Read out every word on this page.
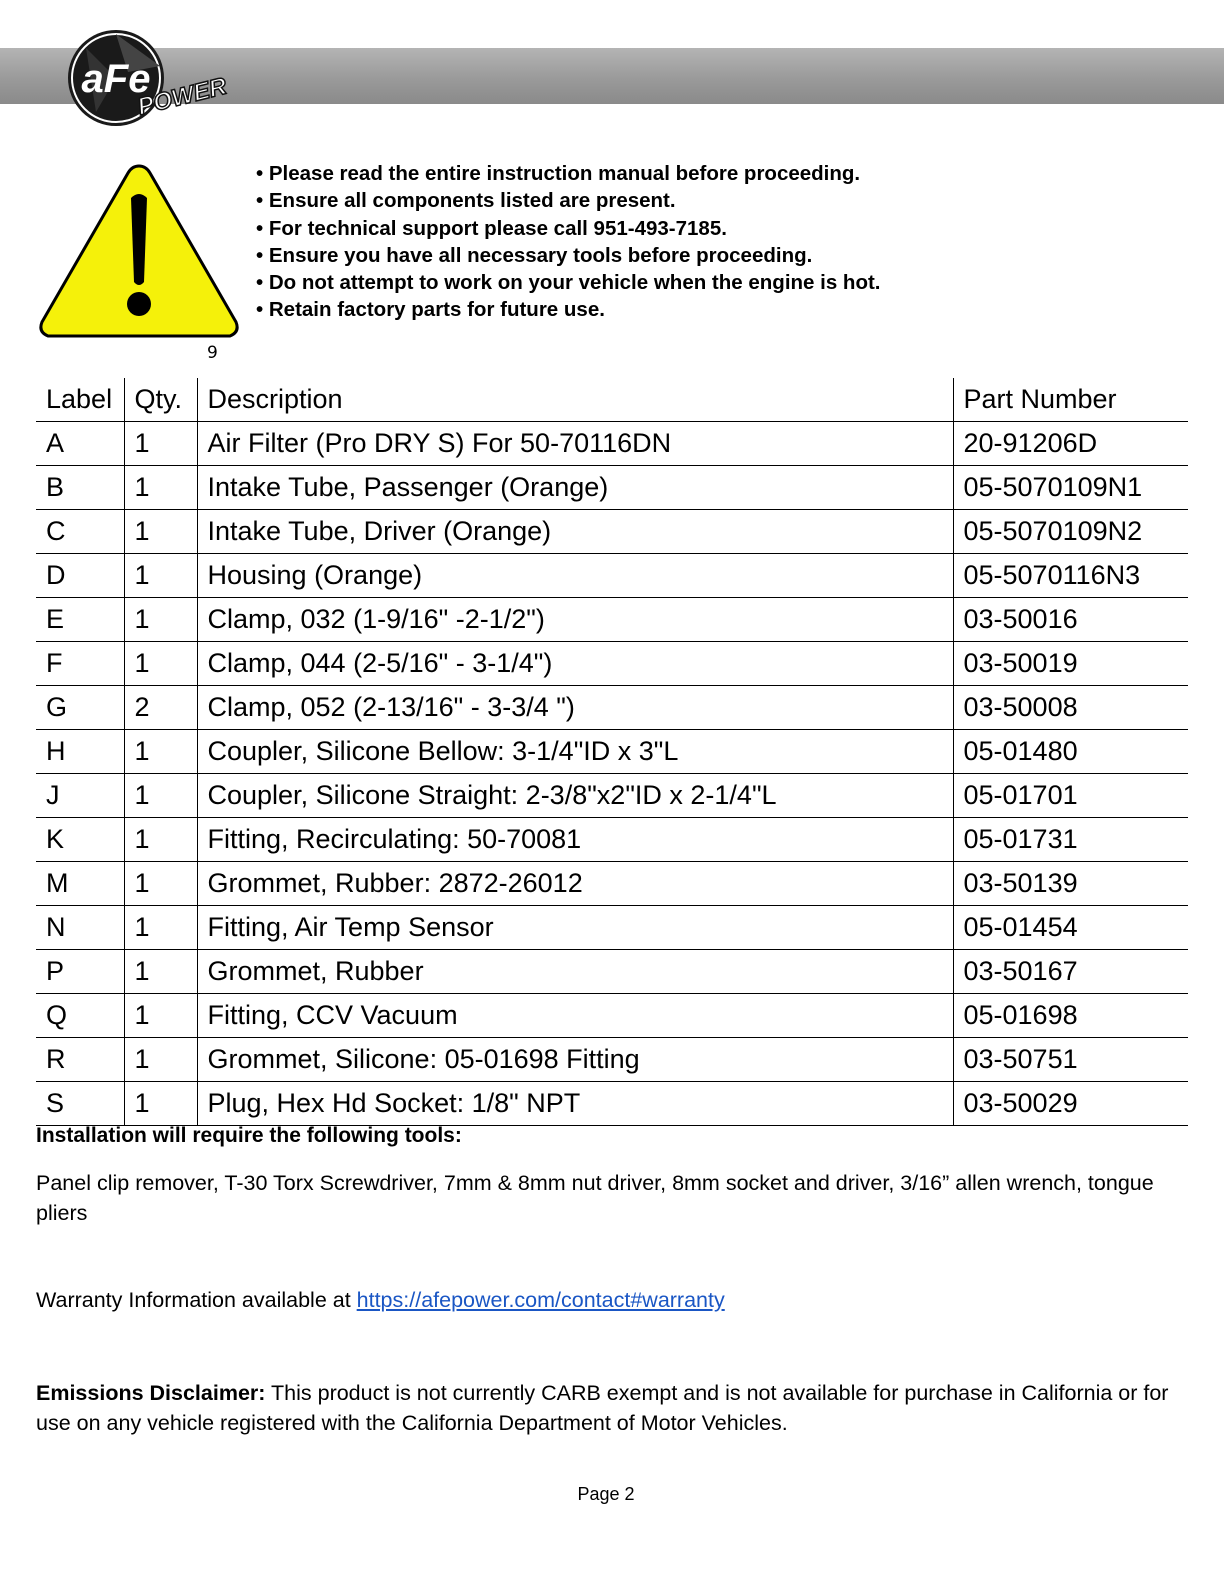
aFe
POWER
9
• Please read the entire instruction manual before proceeding.
• Ensure all components listed are present.
• For technical support please call 951-493-7185.
• Ensure you have all necessary tools before proceeding.
• Do not attempt to work on your vehicle when the engine is hot.
• Retain factory parts for future use.
Label	Qty.	Description	Part Number
A	1	Air Filter (Pro DRY S) For 50-70116DN	20-91206D
B	1	Intake Tube, Passenger (Orange)	05-5070109N1
C	1	Intake Tube, Driver (Orange)	05-5070109N2
D	1	Housing (Orange)	05-5070116N3
E	1	Clamp, 032 (1-9/16" -2-1/2")	03-50016
F	1	Clamp, 044 (2-5/16" - 3-1/4")	03-50019
G	2	Clamp, 052 (2-13/16" - 3-3/4 ")	03-50008
H	1	Coupler, Silicone Bellow: 3-1/4"ID x 3"L	05-01480
J	1	Coupler, Silicone Straight: 2-3/8"x2"ID x 2-1/4"L	05-01701
K	1	Fitting, Recirculating: 50-70081	05-01731
M	1	Grommet, Rubber: 2872-26012	03-50139
N	1	Fitting, Air Temp Sensor	05-01454
P	1	Grommet, Rubber	03-50167
Q	1	Fitting, CCV Vacuum	05-01698
R	1	Grommet, Silicone: 05-01698 Fitting	03-50751
S	1	Plug, Hex Hd Socket: 1/8" NPT	03-50029
Installation will require the following tools:
Panel clip remover, T-30 Torx Screwdriver, 7mm & 8mm nut driver, 8mm socket and driver, 3/16” allen wrench, tongue pliers
Warranty Information available at https://afepower.com/contact#warranty
Emissions Disclaimer: This product is not currently CARB exempt and is not available for purchase in California or for use on any vehicle registered with the California Department of Motor Vehicles.
Page 2
